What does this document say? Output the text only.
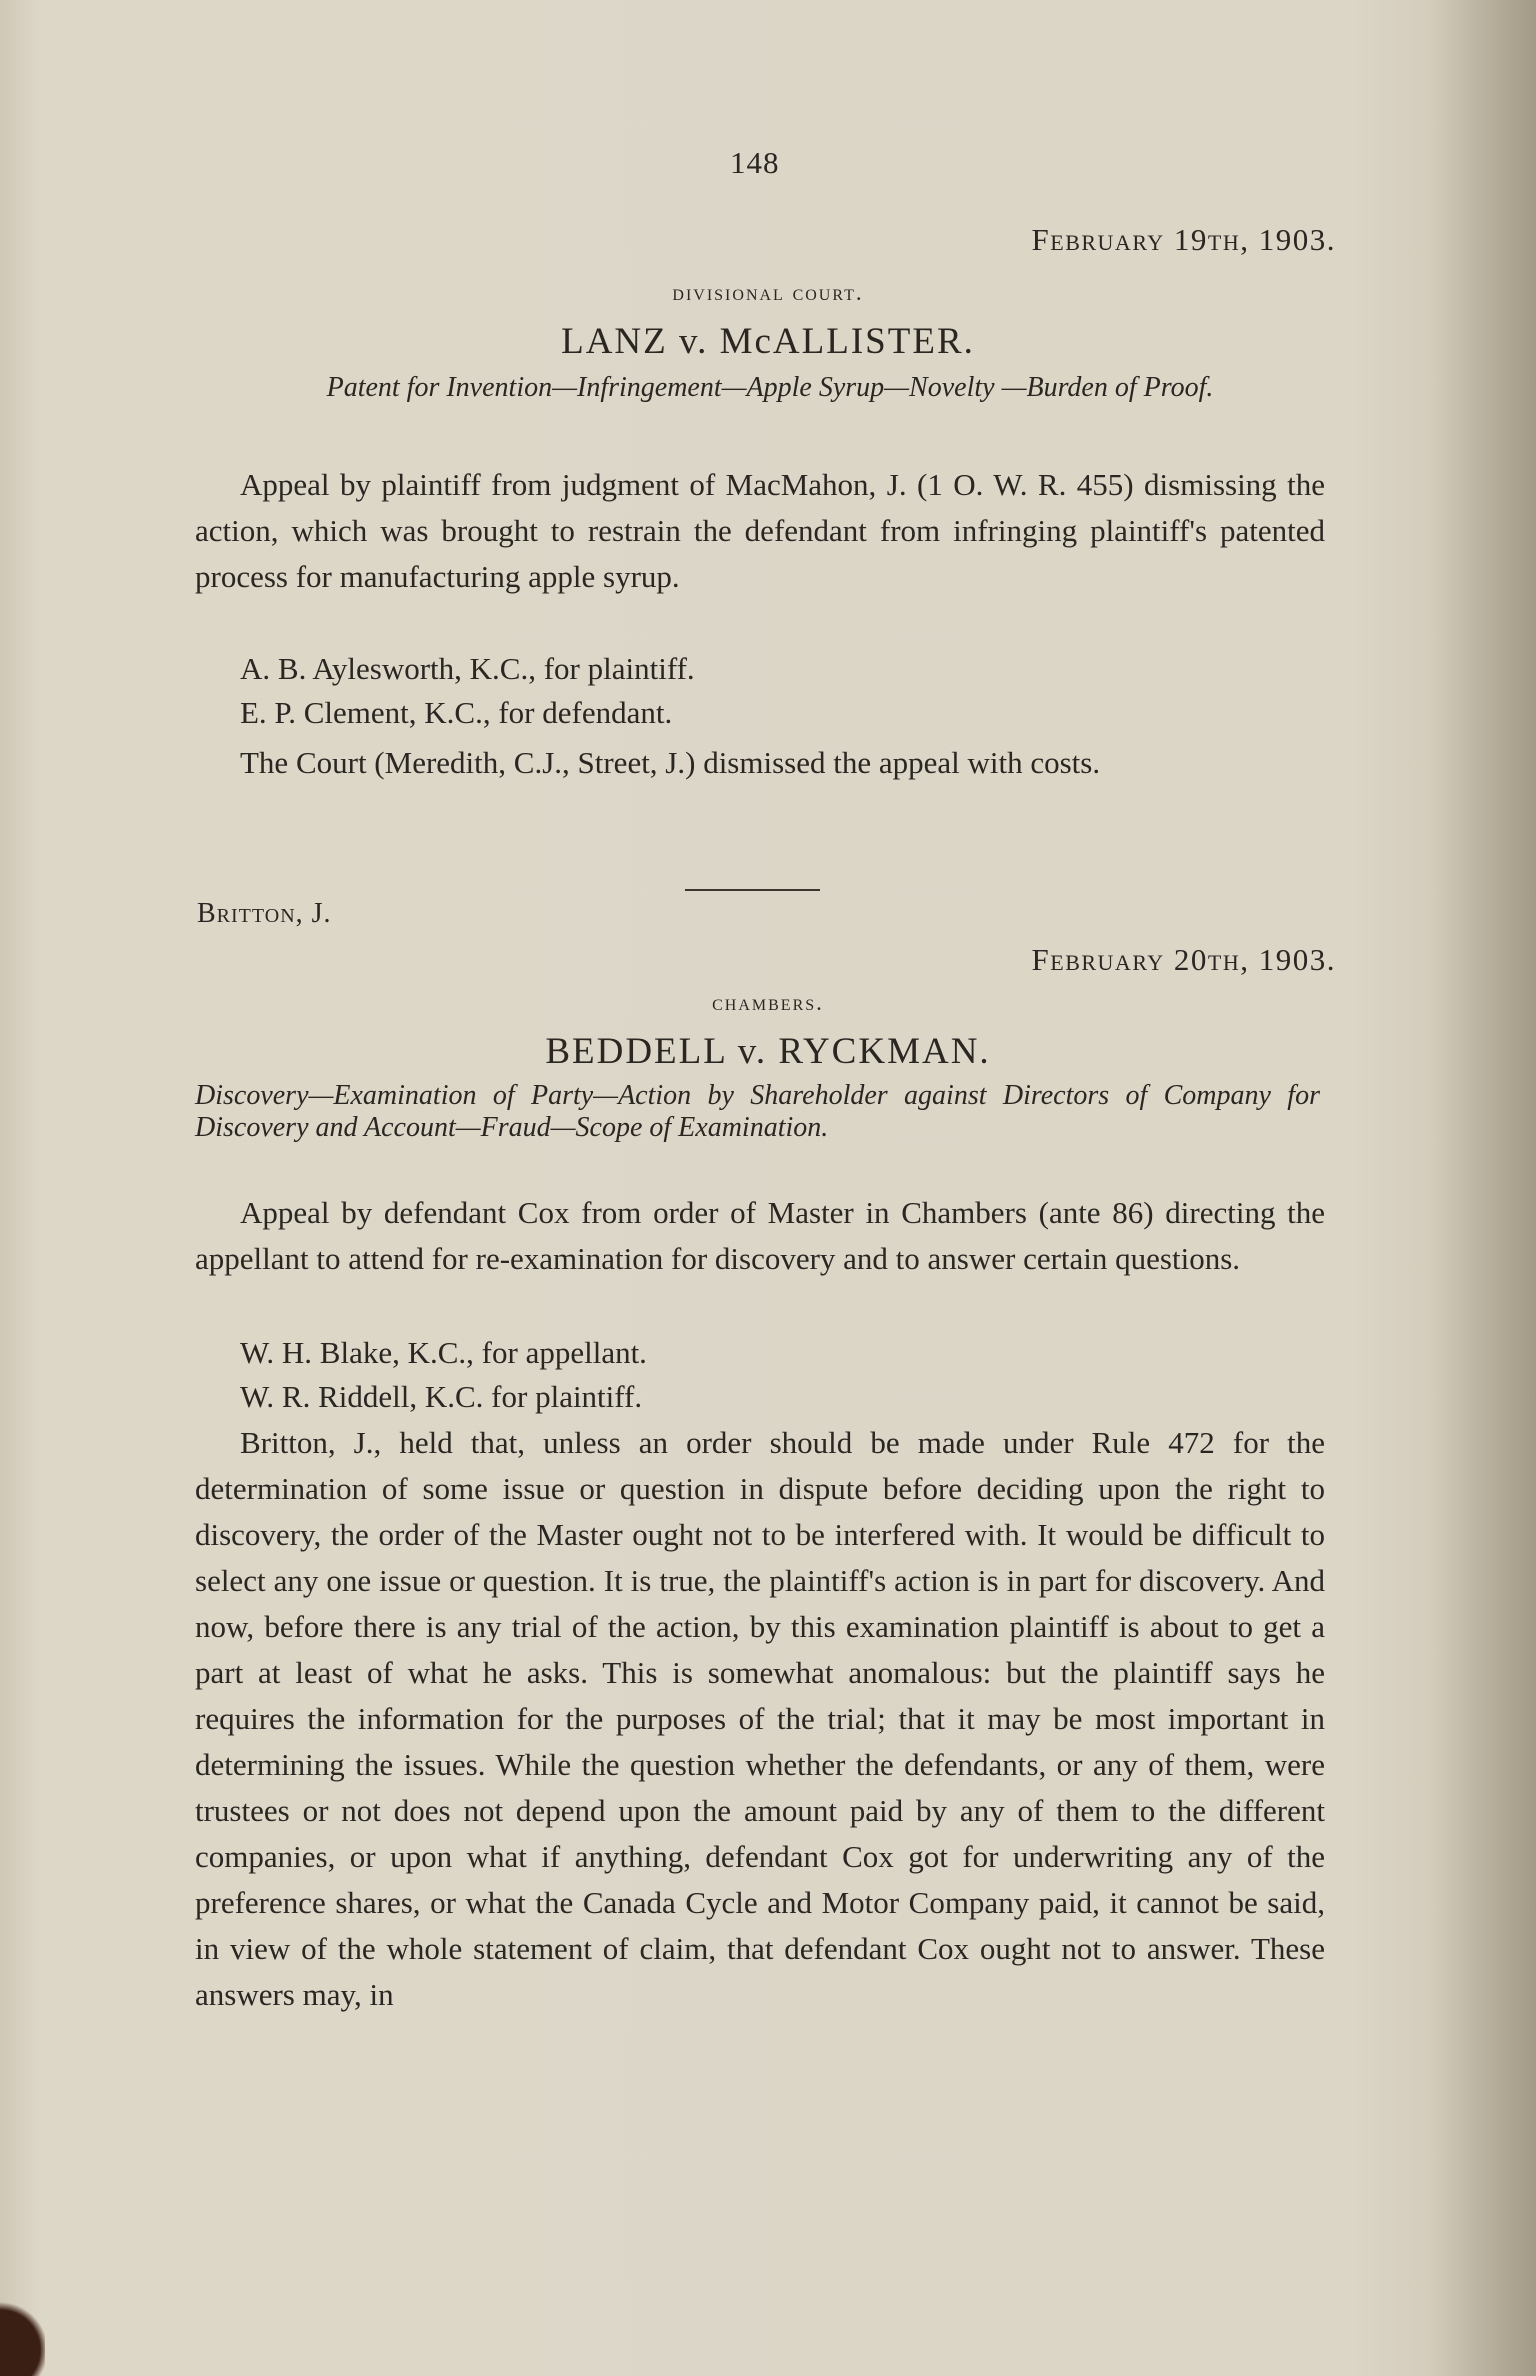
148
February 19th, 1903.
divisional court.
LANZ v. McALLISTER.
Patent for Invention—Infringement—Apple Syrup—Novelty —Burden of Proof.
Appeal by plaintiff from judgment of MacMahon, J. (1 O. W. R. 455) dismissing the action, which was brought to restrain the defendant from infringing plaintiff's patented process for manufacturing apple syrup.
A. B. Aylesworth, K.C., for plaintiff.
E. P. Clement, K.C., for defendant.
The Court (Meredith, C.J., Street, J.) dismissed the appeal with costs.
Britton, J.
February 20th, 1903.
chambers.
BEDDELL v. RYCKMAN.
Discovery—Examination of Party—Action by Shareholder against Directors of Company for Discovery and Account—Fraud—Scope of Examination.
Appeal by defendant Cox from order of Master in Chambers (ante 86) directing the appellant to attend for re-examination for discovery and to answer certain questions.
W. H. Blake, K.C., for appellant.
W. R. Riddell, K.C. for plaintiff.
Britton, J., held that, unless an order should be made under Rule 472 for the determination of some issue or question in dispute before deciding upon the right to discovery, the order of the Master ought not to be interfered with. It would be difficult to select any one issue or question. It is true, the plaintiff's action is in part for discovery. And now, before there is any trial of the action, by this examination plaintiff is about to get a part at least of what he asks. This is somewhat anomalous: but the plaintiff says he requires the information for the purposes of the trial; that it may be most important in determining the issues. While the question whether the defendants, or any of them, were trustees or not does not depend upon the amount paid by any of them to the different companies, or upon what if anything, defendant Cox got for underwriting any of the preference shares, or what the Canada Cycle and Motor Company paid, it cannot be said, in view of the whole statement of claim, that defendant Cox ought not to answer. These answers may, in
